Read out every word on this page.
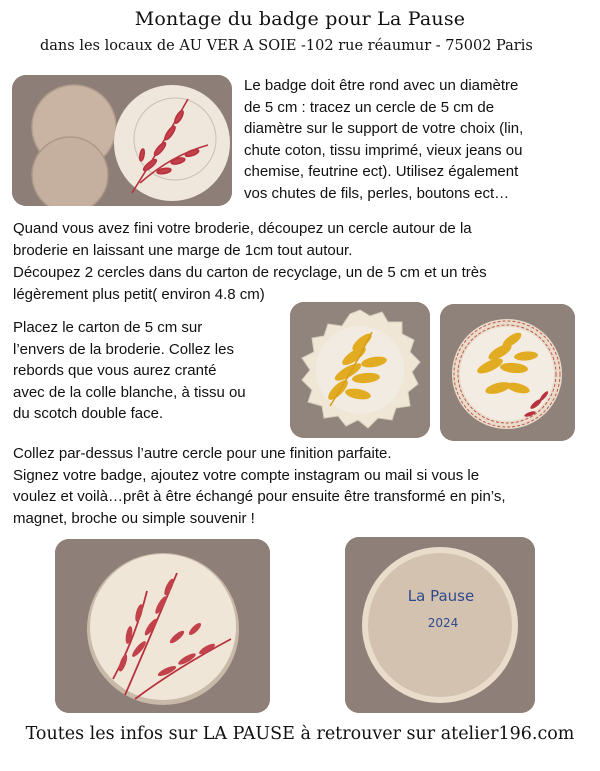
Montage du badge pour La Pause
dans les locaux de AU VER A SOIE -102 rue réaumur - 75002 Paris
Le badge doit être rond avec un diamètre
de 5 cm : tracez un cercle de 5 cm de
diamètre sur le support de votre choix (lin,
chute coton, tissu imprimé, vieux jeans ou
chemise, feutrine ect). Utilisez également
vos chutes de fils, perles, boutons ect…
Quand vous avez fini votre broderie, découpez un cercle autour de la
broderie en laissant une marge de 1cm tout autour.
Découpez 2 cercles dans du carton de recyclage, un de 5 cm et un très
légèrement plus petit( environ 4.8 cm)
Placez le carton de 5 cm sur
l’envers de la broderie. Collez les
rebords que vous aurez cranté
avec de la colle blanche, à tissu ou
du scotch double face.
Collez par-dessus l’autre cercle pour une finition parfaite.
Signez votre badge, ajoutez votre compte instagram ou mail si vous le
voulez et voilà…prêt à être échangé pour ensuite être transformé en pin’s,
magnet, broche ou simple souvenir !
La Pause
2024
Toutes les infos sur LA PAUSE à retrouver sur atelier196.com
